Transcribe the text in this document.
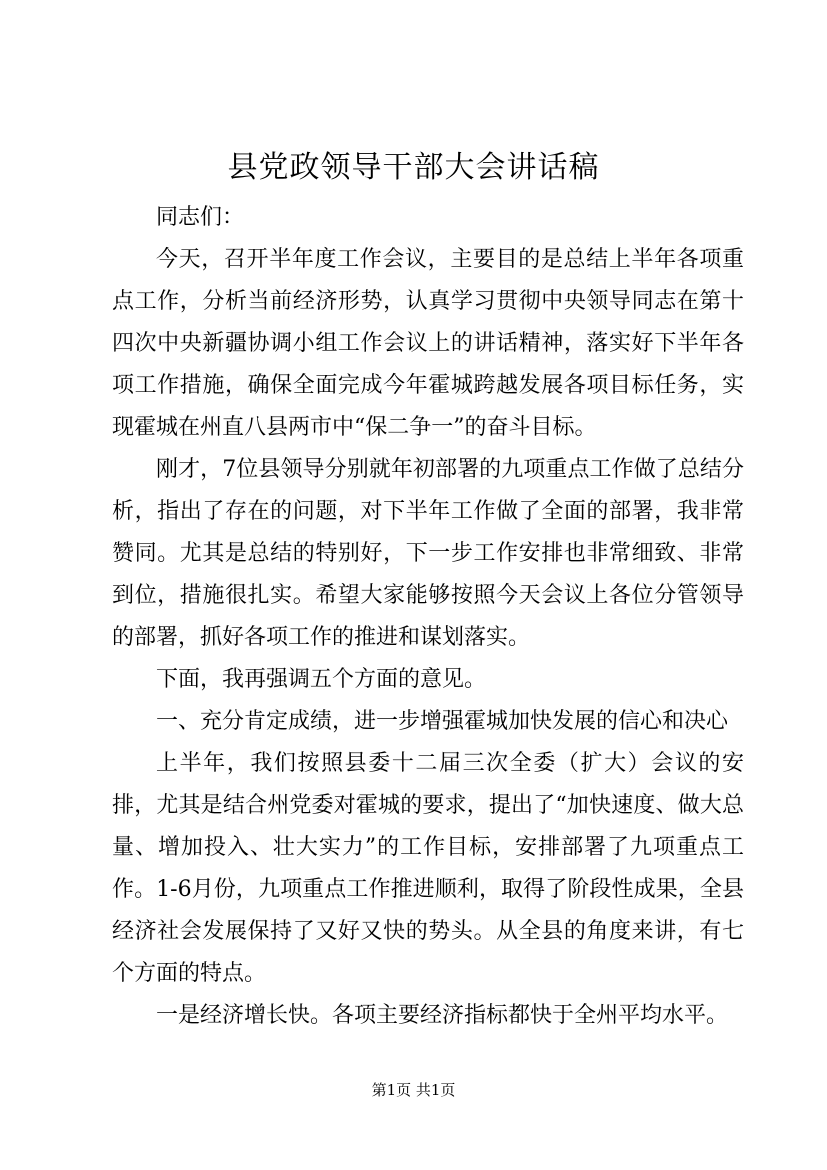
县党政领导干部大会讲话稿

同志们：

今天，召开半年度工作会议，主要目的是总结上半年各项重点工作，分析当前经济形势，认真学习贯彻中央领导同志在第十四次中央新疆协调小组工作会议上的讲话精神，落实好下半年各项工作措施，确保全面完成今年霍城跨越发展各项目标任务，实现霍城在州直八县两市中“保二争一”的奋斗目标。

刚才，7位县领导分别就年初部署的九项重点工作做了总结分析，指出了存在的问题，对下半年工作做了全面的部署，我非常赞同。尤其是总结的特别好，下一步工作安排也非常细致、非常到位，措施很扎实。希望大家能够按照今天会议上各位分管领导的部署，抓好各项工作的推进和谋划落实。

下面，我再强调五个方面的意见。

一、充分肯定成绩，进一步增强霍城加快发展的信心和决心

上半年，我们按照县委十二届三次全委（扩大）会议的安排，尤其是结合州党委对霍城的要求，提出了“加快速度、做大总量、增加投入、壮大实力”的工作目标，安排部署了九项重点工作。1-6月份，九项重点工作推进顺利，取得了阶段性成果，全县经济社会发展保持了又好又快的势头。从全县的角度来讲，有七个方面的特点。

一是经济增长快。各项主要经济指标都快于全州平均水平。

第1页 共1页
